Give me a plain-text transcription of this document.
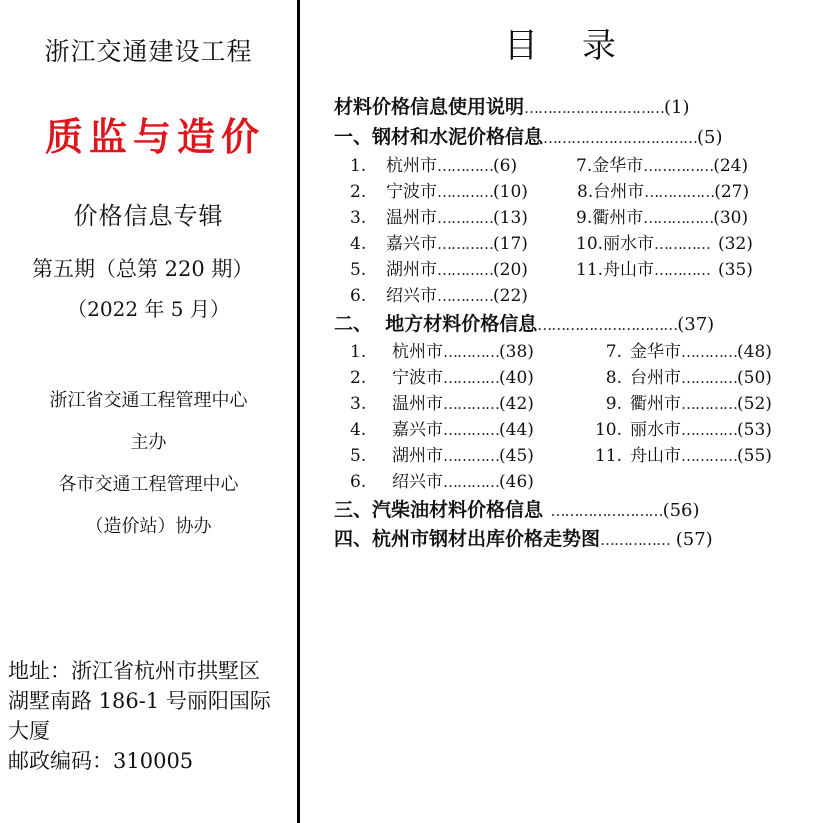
浙江交通建设工程
质监与造价
价格信息专辑
第五期（总第 220 期）
（2022 年 5 月）
浙江省交通工程管理中心
主办
各市交通工程管理中心
（造价站）协办
地址：浙江省杭州市拱墅区
湖墅南路 186-1 号丽阳国际
大厦
邮政编码：310005
目 录
材料价格信息使用说明 ………………………… (1)
一、钢材和水泥价格信息 …………………………… (5)
1. 杭州市…………(6)
2. 宁波市…………(10)
3. 温州市…………(13)
4. 嘉兴市…………(17)
5. 湖州市…………(20)
6. 绍兴市…………(22)
7.金华市……………(24)
8.台州市……………(27)
9.衢州市……………(30)
10.丽水市………… (32)
11.舟山市………… (35)
二、  地方材料价格信息 ………………………… (37)
1. 杭州市…………(38)
2. 宁波市…………(40)
3. 温州市…………(42)
4. 嘉兴市…………(44)
5. 湖州市…………(45)
6. 绍兴市…………(46)
7. 金华市…………(48)
8. 台州市…………(50)
9. 衢州市…………(52)
10. 丽水市…………(53)
11. 舟山市…………(55)
三、汽柴油材料价格信息 …………………… (56)
四、杭州市钢材出库价格走势图 …………… (57)
